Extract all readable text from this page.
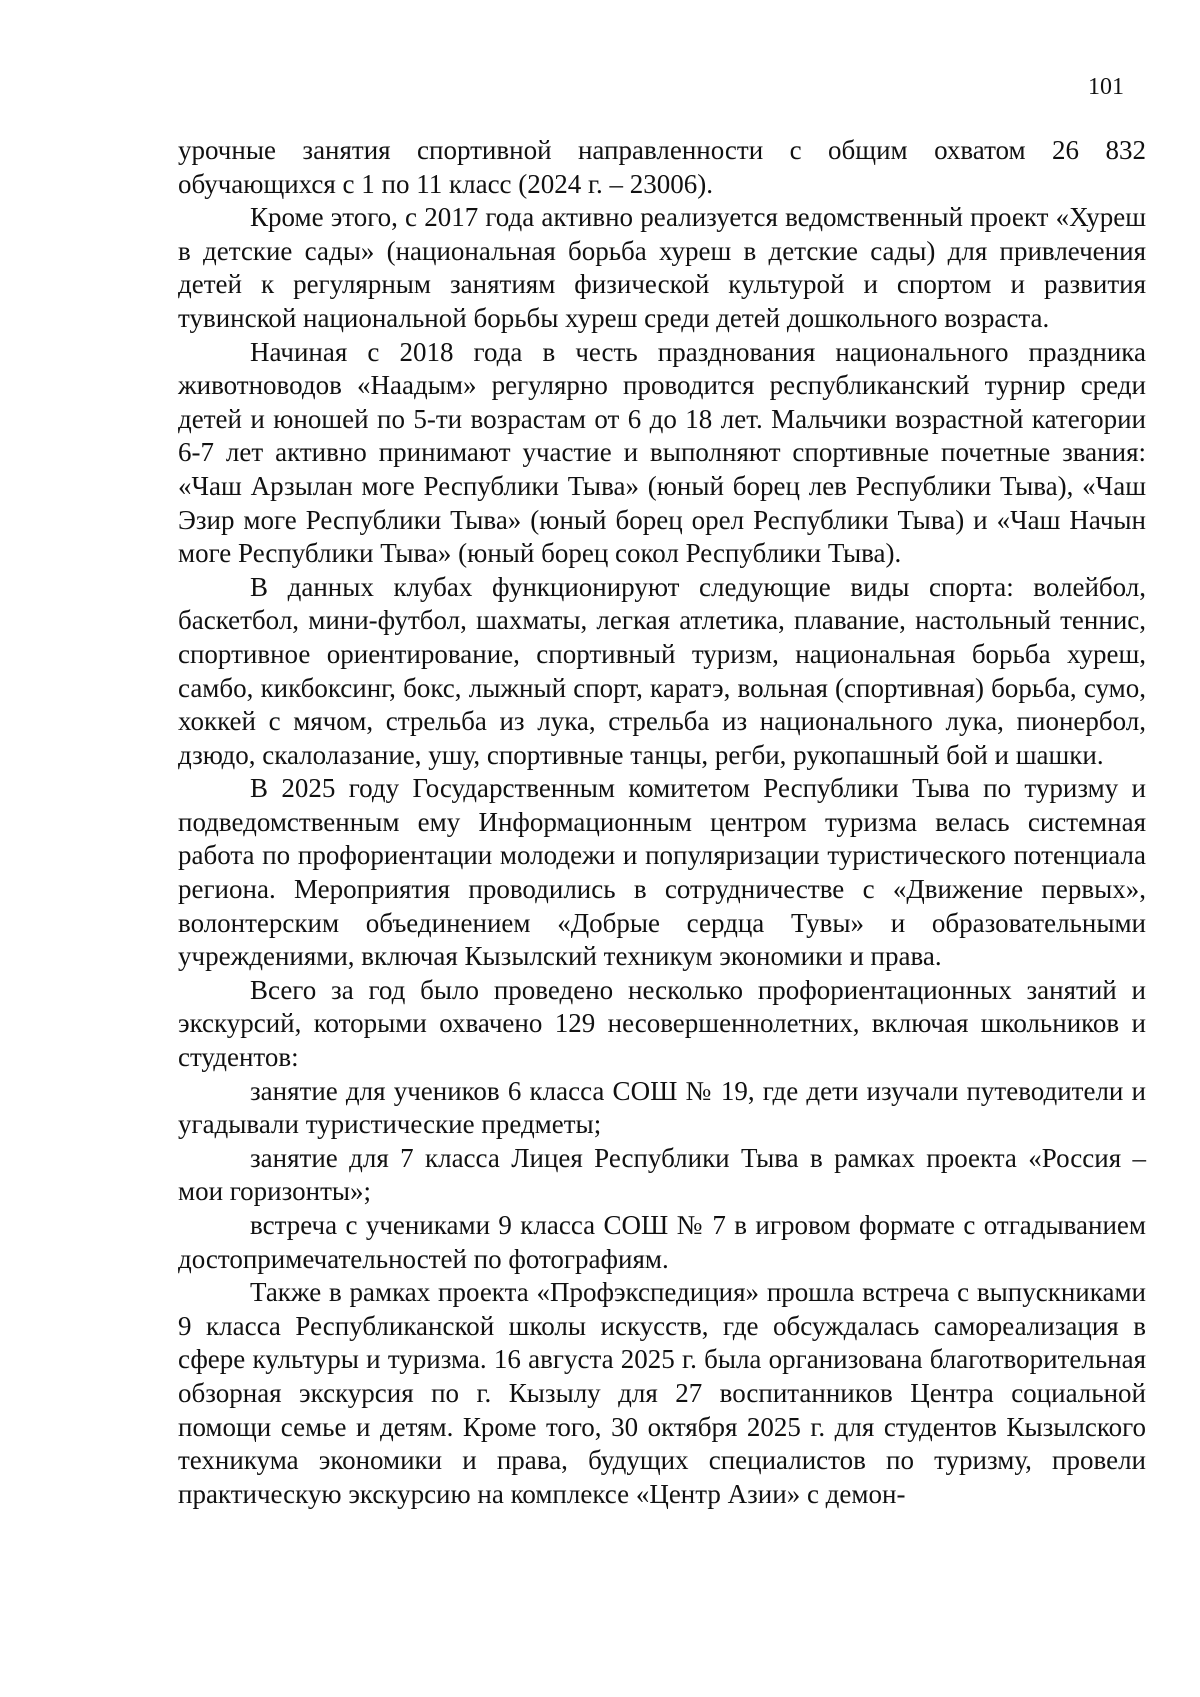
101

урочные занятия спортивной направленности с общим охватом 26 832 обучающихся с 1 по 11 класс (2024 г. – 23006).

Кроме этого, с 2017 года активно реализуется ведомственный проект «Хуреш в детские сады» (национальная борьба хуреш в детские сады) для привлечения детей к регулярным занятиям физической культурой и спортом и развития тувинской национальной борьбы хуреш среди детей дошкольного возраста.

Начиная с 2018 года в честь празднования национального праздника животноводов «Наадым» регулярно проводится республиканский турнир среди детей и юношей по 5-ти возрастам от 6 до 18 лет. Мальчики возрастной категории 6-7 лет активно принимают участие и выполняют спортивные почетные звания: «Чаш Арзылан моге Республики Тыва» (юный борец лев Республики Тыва), «Чаш Эзир моге Республики Тыва» (юный борец орел Республики Тыва) и «Чаш Начын моге Республики Тыва» (юный борец сокол Республики Тыва).

В данных клубах функционируют следующие виды спорта: волейбол, баскетбол, мини-футбол, шахматы, легкая атлетика, плавание, настольный теннис, спортивное ориентирование, спортивный туризм, национальная борьба хуреш, самбо, кикбоксинг, бокс, лыжный спорт, каратэ, вольная (спортивная) борьба, сумо, хоккей с мячом, стрельба из лука, стрельба из национального лука, пионербол, дзюдо, скалолазание, ушу, спортивные танцы, регби, рукопашный бой и шашки.

В 2025 году Государственным комитетом Республики Тыва по туризму и подведомственным ему Информационным центром туризма велась системная работа по профориентации молодежи и популяризации туристического потенциала региона. Мероприятия проводились в сотрудничестве с «Движение первых», волонтерским объединением «Добрые сердца Тувы» и образовательными учреждениями, включая Кызылский техникум экономики и права.

Всего за год было проведено несколько профориентационных занятий и экскурсий, которыми охвачено 129 несовершеннолетних, включая школьников и студентов:

занятие для учеников 6 класса СОШ № 19, где дети изучали путеводители и угадывали туристические предметы;

занятие для 7 класса Лицея Республики Тыва в рамках проекта «Россия – мои горизонты»;

встреча с учениками 9 класса СОШ № 7 в игровом формате с отгадыванием достопримечательностей по фотографиям.

Также в рамках проекта «Профэкспедиция» прошла встреча с выпускниками 9 класса Республиканской школы искусств, где обсуждалась самореализация в сфере культуры и туризма. 16 августа 2025 г. была организована благотворительная обзорная экскурсия по г. Кызылу для 27 воспитанников Центра социальной помощи семье и детям. Кроме того, 30 октября 2025 г. для студентов Кызылского техникума экономики и права, будущих специалистов по туризму, провели практическую экскурсию на комплексе «Центр Азии» с демон-
